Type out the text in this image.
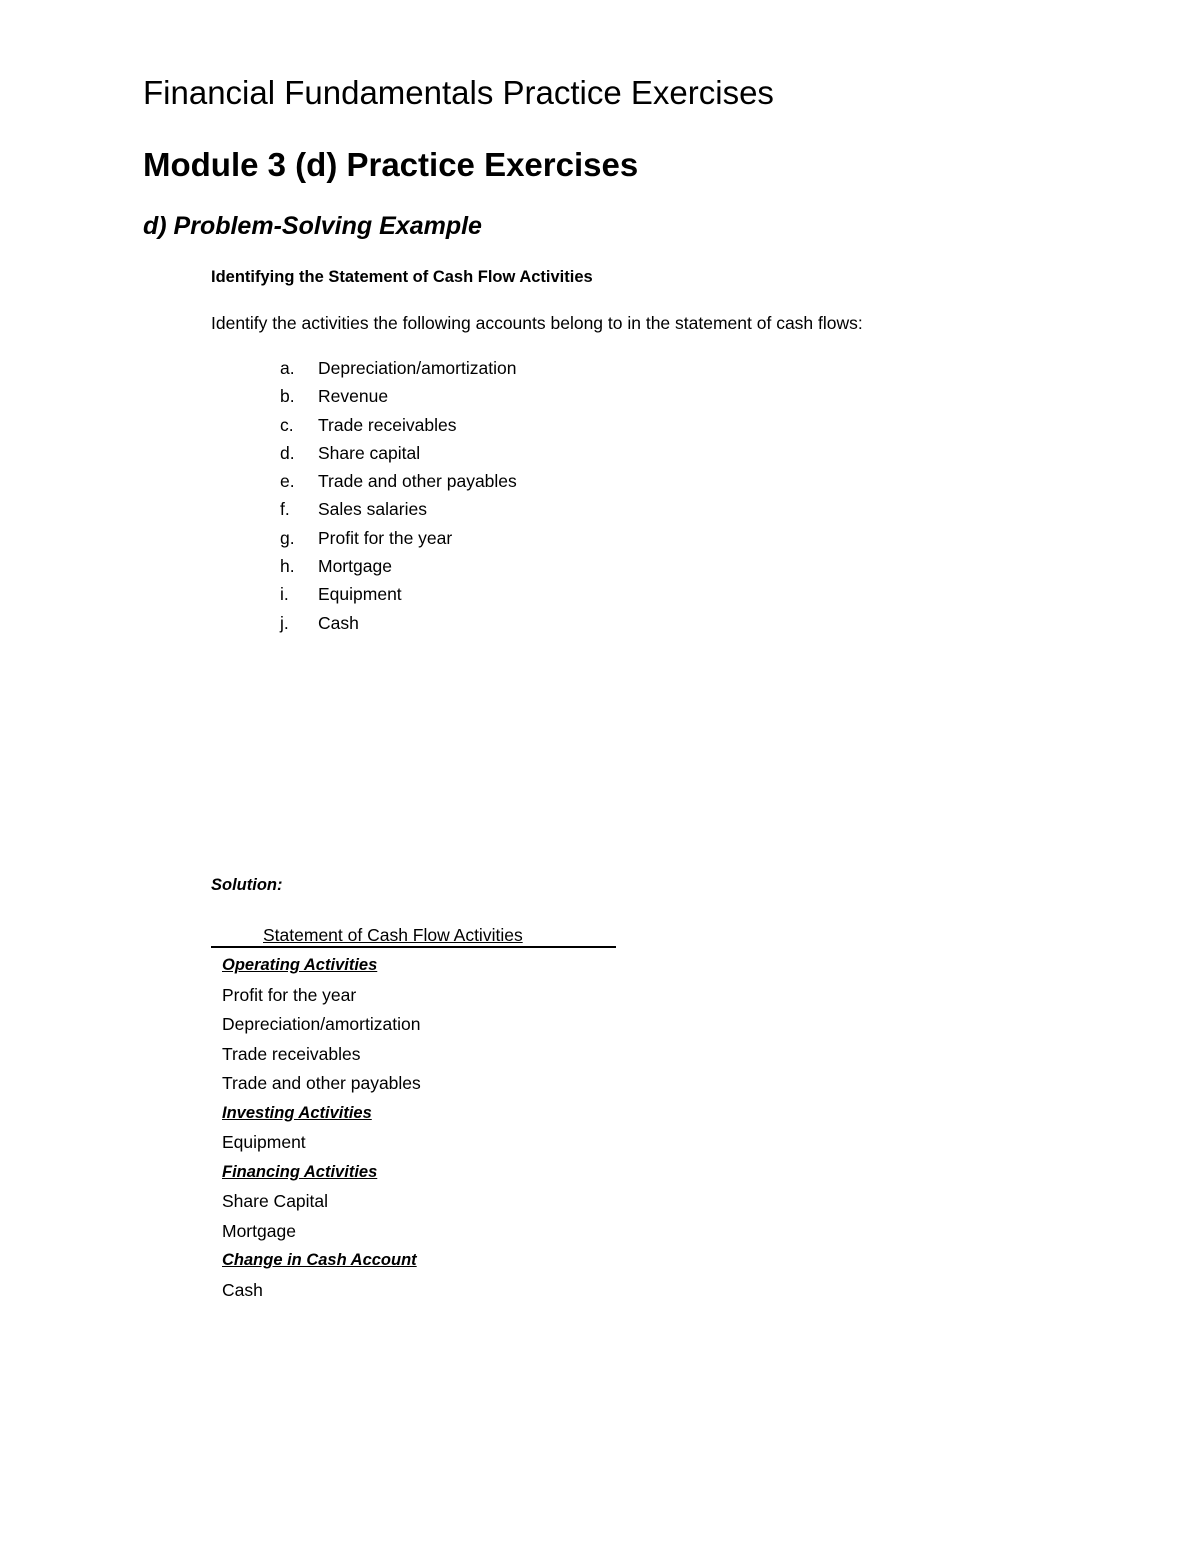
Financial Fundamentals Practice Exercises
Module 3 (d) Practice Exercises
d) Problem-Solving Example
Identifying the Statement of Cash Flow Activities
Identify the activities the following accounts belong to in the statement of cash flows:
a. Depreciation/amortization
b. Revenue
c. Trade receivables
d. Share capital
e. Trade and other payables
f. Sales salaries
g. Profit for the year
h. Mortgage
i. Equipment
j. Cash
Solution:
Statement of Cash Flow Activities
Operating Activities
Profit for the year
Depreciation/amortization
Trade receivables
Trade and other payables
Investing Activities
Equipment
Financing Activities
Share Capital
Mortgage
Change in Cash Account
Cash
